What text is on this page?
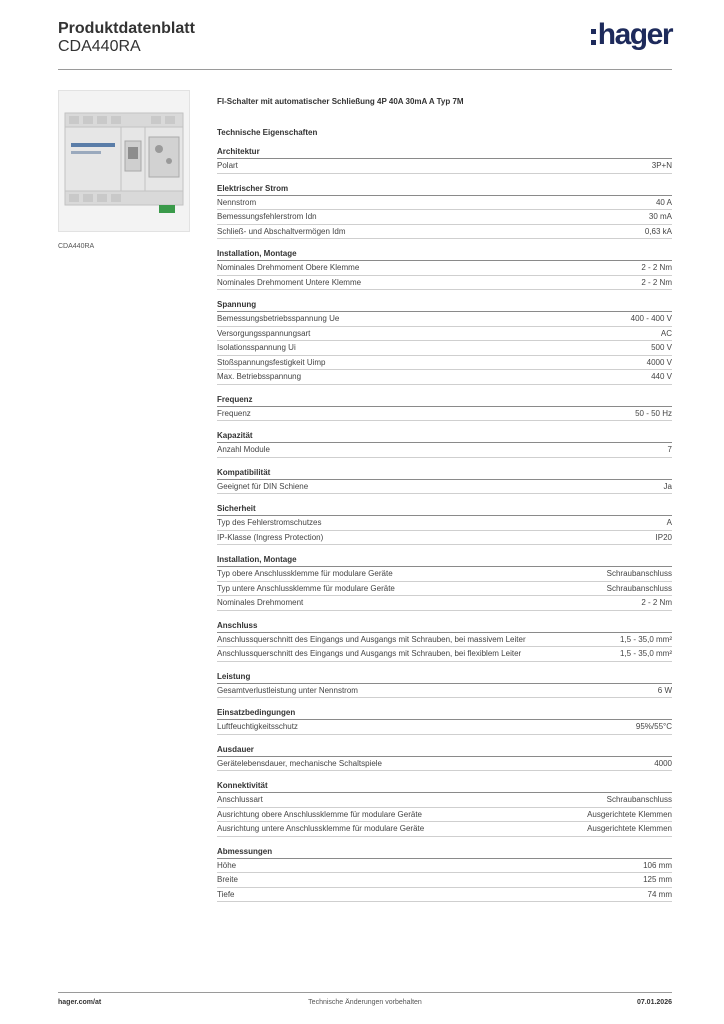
Produktdatenblatt
CDA440RA	hager
CDA440RA
FI-Schalter mit automatischer Schließung 4P 40A 30mA A Typ 7M
Technische Eigenschaften
Architektur
Polart	3P+N
Elektrischer Strom
Nennstrom	40 A
Bemessungsfehlerstrom Idn	30 mA
Schließ- und Abschaltvermögen Idm	0,63 kA
Installation, Montage
Nominales Drehmoment Obere Klemme	2 - 2 Nm
Nominales Drehmoment Untere Klemme	2 - 2 Nm
Spannung
Bemessungsbetriebsspannung Ue	400 - 400 V
Versorgungsspannungsart	AC
Isolationsspannung Ui	500 V
Stoßspannungsfestigkeit Uimp	4000 V
Max. Betriebsspannung	440 V
Frequenz
Frequenz	50 - 50 Hz
Kapazität
Anzahl Module	7
Kompatibilität
Geeignet für DIN Schiene	Ja
Sicherheit
Typ des Fehlerstromschutzes	A
IP-Klasse (Ingress Protection)	IP20
Installation, Montage
Typ obere Anschlussklemme für modulare Geräte	Schraubanschluss
Typ untere Anschlussklemme für modulare Geräte	Schraubanschluss
Nominales Drehmoment	2 - 2 Nm
Anschluss
Anschlussquerschnitt des Eingangs und Ausgangs mit Schrauben, bei massivem Leiter	1,5 - 35,0 mm²
Anschlussquerschnitt des Eingangs und Ausgangs mit Schrauben, bei flexiblem Leiter	1,5 - 35,0 mm²
Leistung
Gesamtverlustleistung unter Nennstrom	6 W
Einsatzbedingungen
Luftfeuchtigkeitsschutz	95%/55°C
Ausdauer
Gerätelebensdauer, mechanische Schaltspiele	4000
Konnektivität
Anschlussart	Schraubanschluss
Ausrichtung obere Anschlussklemme für modulare Geräte	Ausgerichtete Klemmen
Ausrichtung untere Anschlussklemme für modulare Geräte	Ausgerichtete Klemmen
Abmessungen
Höhe	106 mm
Breite	125 mm
Tiefe	74 mm
hager.com/at	Technische Änderungen vorbehalten	07.01.2026
